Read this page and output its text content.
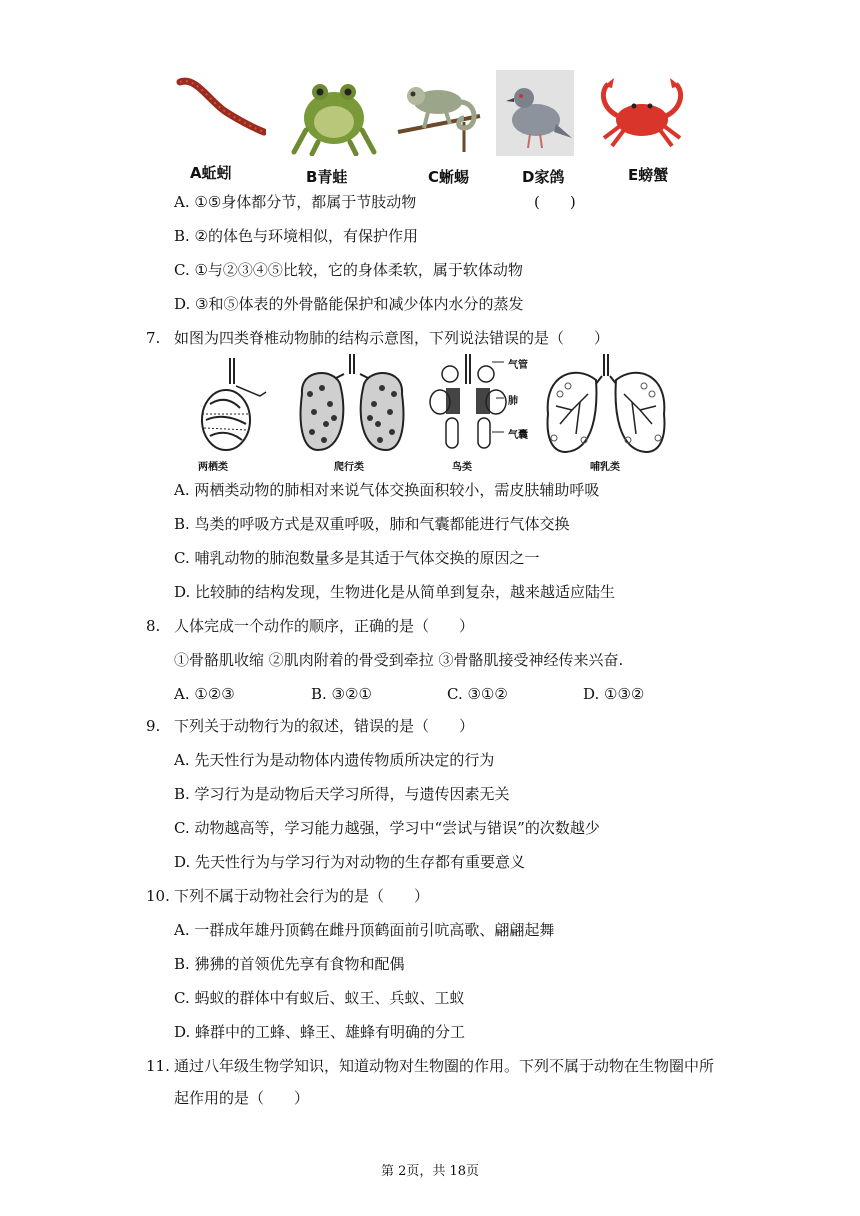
A蚯蚓	B青蛙	C蜥蜴	D家鸽	E螃蟹
A. ①⑤身体都分节，都属于节肢动物	(　　)
B. ②的体色与环境相似，有保护作用
C. ①与②③④⑤比较，它的身体柔软，属于软体动物
D. ③和⑤体表的外骨骼能保护和减少体内水分的蒸发
7. 如图为四类脊椎动物肺的结构示意图，下列说法错误的是（　　）
气管
肺
气囊
两栖类	爬行类	鸟类	哺乳类
A. 两栖类动物的肺相对来说气体交换面积较小，需皮肤辅助呼吸
B. 鸟类的呼吸方式是双重呼吸，肺和气囊都能进行气体交换
C. 哺乳动物的肺泡数量多是其适于气体交换的原因之一
D. 比较肺的结构发现，生物进化是从简单到复杂，越来越适应陆生
8. 人体完成一个动作的顺序，正确的是（　　）
①骨骼肌收缩 ②肌肉附着的骨受到牵拉 ③骨骼肌接受神经传来兴奋.
A. ①②③	B. ③②①	C. ③①②	D. ①③②
9. 下列关于动物行为的叙述，错误的是（　　）
A. 先天性行为是动物体内遗传物质所决定的行为
B. 学习行为是动物后天学习所得，与遗传因素无关
C. 动物越高等，学习能力越强，学习中“尝试与错误”的次数越少
D. 先天性行为与学习行为对动物的生存都有重要意义
10. 下列不属于动物社会行为的是（　　）
A. 一群成年雄丹顶鹤在雌丹顶鹤面前引吭高歌、翩翩起舞
B. 狒狒的首领优先享有食物和配偶
C. 蚂蚁的群体中有蚁后、蚁王、兵蚁、工蚁
D. 蜂群中的工蜂、蜂王、雄蜂有明确的分工
11. 通过八年级生物学知识，知道动物对生物圈的作用。下列不属于动物在生物圈中所
起作用的是（　　）
第 2页，共 18页
